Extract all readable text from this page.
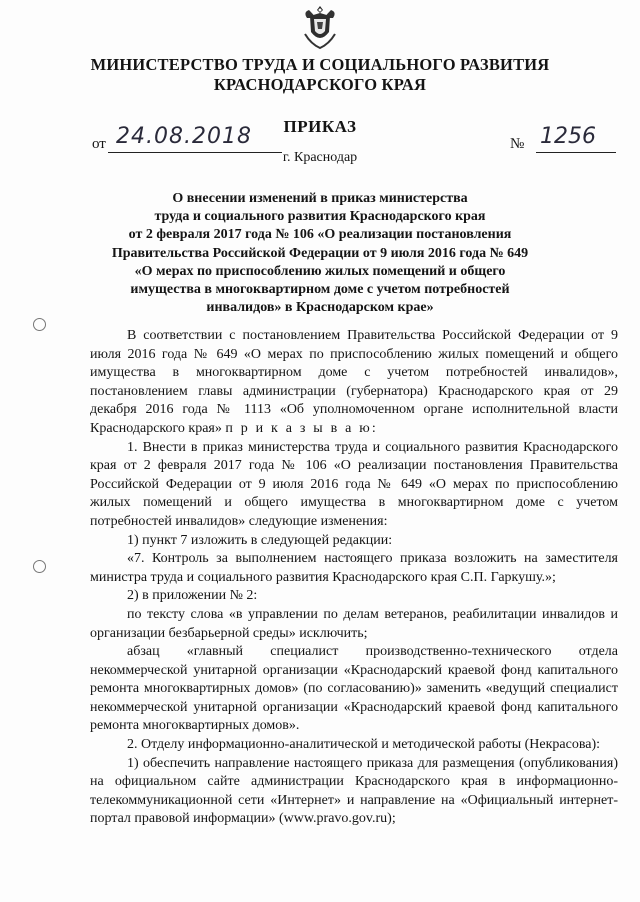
МИНИСТЕРСТВО ТРУДА И СОЦИАЛЬНОГО РАЗВИТИЯ
КРАСНОДАРСКОГО КРАЯ
ПРИКАЗ
от 24.08.2018	№ 1256
г. Краснодар
О внесении изменений в приказ министерства
труда и социального развития Краснодарского края
от 2 февраля 2017 года № 106 «О реализации постановления
Правительства Российской Федерации от 9 июля 2016 года № 649
«О мерах по приспособлению жилых помещений и общего
имущества в многоквартирном доме с учетом потребностей
инвалидов» в Краснодарском крае»

В соответствии с постановлением Правительства Российской Федерации от 9 июля 2016 года № 649 «О мерах по приспособлению жилых помещений и общего имущества в многоквартирном доме с учетом потребностей инвалидов», постановлением главы администрации (губернатора) Краснодарского края от 29 декабря 2016 года № 1113 «Об уполномоченном органе исполнительной власти Краснодарского края» п р и к а з ы в а ю:

1. Внести в приказ министерства труда и социального развития Краснодарского края от 2 февраля 2017 года № 106 «О реализации постановления Правительства Российской Федерации от 9 июля 2016 года № 649 «О мерах по приспособлению жилых помещений и общего имущества в многоквартирном доме с учетом потребностей инвалидов» следующие изменения:

1) пункт 7 изложить в следующей редакции:

«7. Контроль за выполнением настоящего приказа возложить на заместителя министра труда и социального развития Краснодарского края С.П. Гаркушу.»;

2) в приложении № 2:

по тексту слова «в управлении по делам ветеранов, реабилитации инвалидов и организации безбарьерной среды» исключить;

абзац «главный специалист производственно-технического отдела некоммерческой унитарной организации «Краснодарский краевой фонд капитального ремонта многоквартирных домов» (по согласованию)» заменить «ведущий специалист некоммерческой унитарной организации «Краснодарский краевой фонд капитального ремонта многоквартирных домов».

2. Отделу информационно-аналитической и методической работы (Некрасова):

1) обеспечить направление настоящего приказа для размещения (опубликования) на официальном сайте администрации Краснодарского края в информационно-телекоммуникационной сети «Интернет» и направление на «Официальный интернет-портал правовой информации» (www.pravo.gov.ru);
